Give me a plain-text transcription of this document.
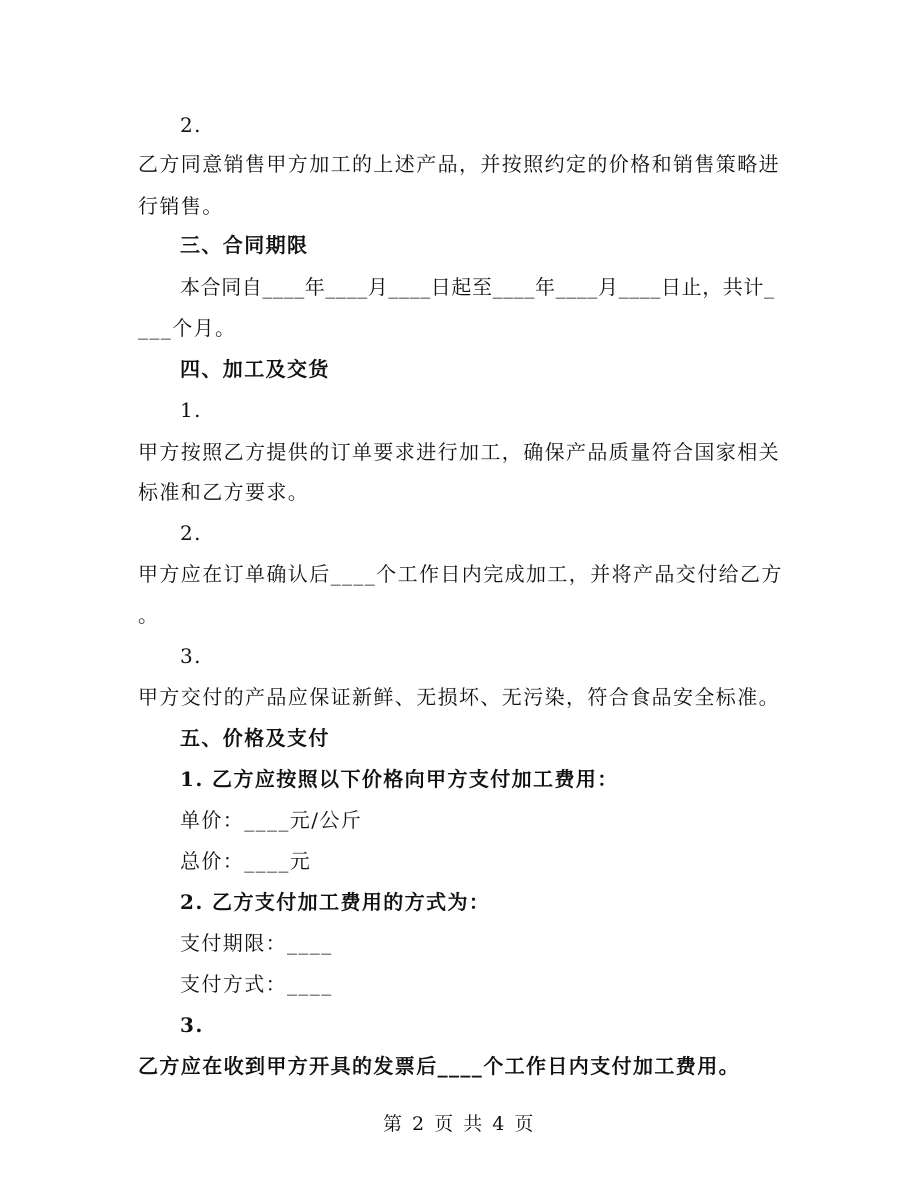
2.
乙方同意销售甲方加工的上述产品，并按照约定的价格和销售策略进
行销售。
三、合同期限
本合同自____年____月____日起至____年____月____日止，共计_
___个月。
四、加工及交货
1.
甲方按照乙方提供的订单要求进行加工，确保产品质量符合国家相关
标准和乙方要求。
2.
甲方应在订单确认后____个工作日内完成加工，并将产品交付给乙方
。
3.
甲方交付的产品应保证新鲜、无损坏、无污染，符合食品安全标准。
五、价格及支付
1. 乙方应按照以下价格向甲方支付加工费用：
单价：____元/公斤
总价：____元
2. 乙方支付加工费用的方式为：
支付期限：____
支付方式：____
3.
乙方应在收到甲方开具的发票后____个工作日内支付加工费用。
第 2 页 共 4 页
